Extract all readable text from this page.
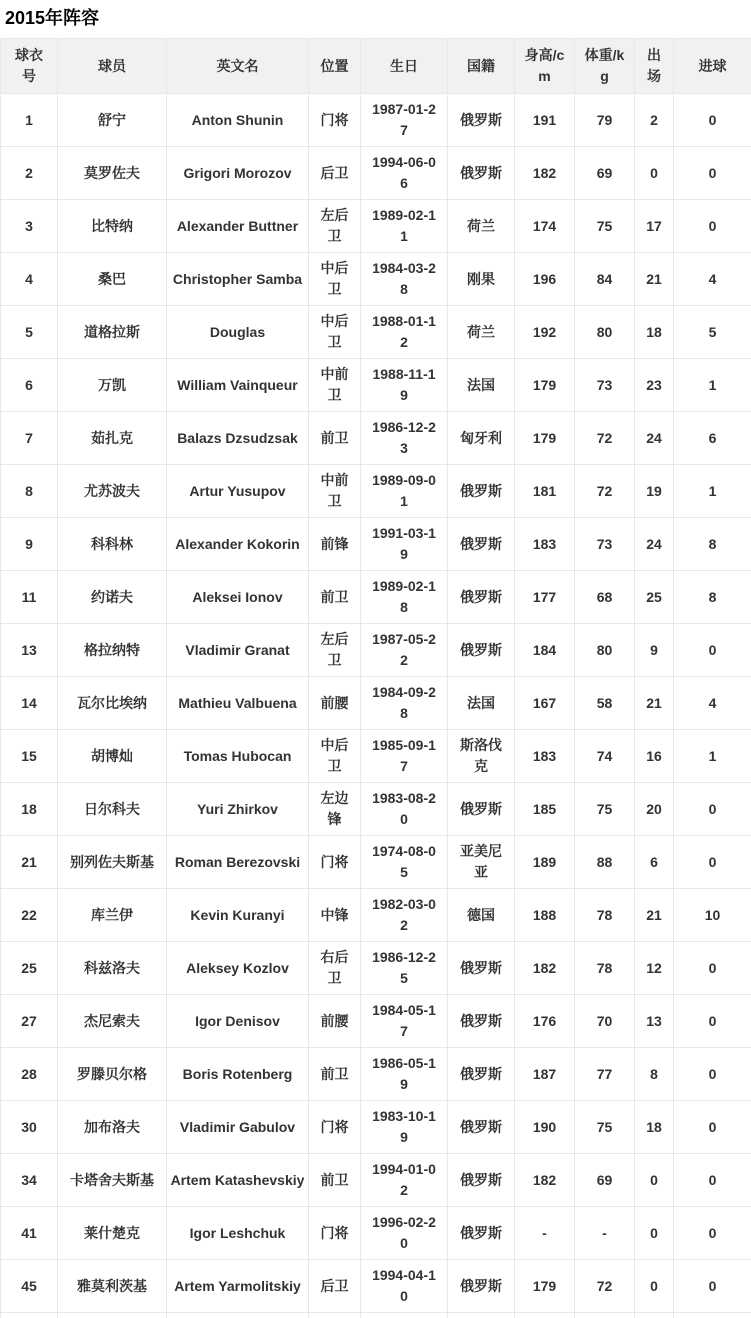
2015年阵容
球衣号	球员	英文名	位置	生日	国籍	身高/cm	体重/kg	出场	进球

1	舒宁	Anton Shunin	门将	1987-01-27	俄罗斯	191	79	2	0

2	莫罗佐夫	Grigori Morozov	后卫	1994-06-06	俄罗斯	182	69	0	0

3	比特纳	Alexander Buttner	左后卫	1989-02-11	荷兰	174	75	17	0

4	桑巴	Christopher Samba	中后卫	1984-03-28	刚果	196	84	21	4

5	道格拉斯	Douglas	中后卫	1988-01-12	荷兰	192	80	18	5

6	万凯	William Vainqueur	中前卫	1988-11-19	法国	179	73	23	1

7	茹扎克	Balazs Dzsudzsak	前卫	1986-12-23	匈牙利	179	72	24	6

8	尤苏波夫	Artur Yusupov	中前卫	1989-09-01	俄罗斯	181	72	19	1

9	科科林	Alexander Kokorin	前锋	1991-03-19	俄罗斯	183	73	24	8

11	约诺夫	Aleksei Ionov	前卫	1989-02-18	俄罗斯	177	68	25	8

13	格拉纳特	Vladimir Granat	左后卫	1987-05-22	俄罗斯	184	80	9	0

14	瓦尔比埃纳	Mathieu Valbuena	前腰	1984-09-28	法国	167	58	21	4

15	胡博灿	Tomas Hubocan	中后卫	1985-09-17	斯洛伐克	183	74	16	1

18	日尔科夫	Yuri Zhirkov	左边锋	1983-08-20	俄罗斯	185	75	20	0

21	别列佐夫斯基	Roman Berezovski	门将	1974-08-05	亚美尼亚	189	88	6	0

22	库兰伊	Kevin Kuranyi	中锋	1982-03-02	德国	188	78	21	10

25	科兹洛夫	Aleksey Kozlov	右后卫	1986-12-25	俄罗斯	182	78	12	0

27	杰尼索夫	Igor Denisov	前腰	1984-05-17	俄罗斯	176	70	13	0

28	罗滕贝尔格	Boris Rotenberg	前卫	1986-05-19	俄罗斯	187	77	8	0

30	加布洛夫	Vladimir Gabulov	门将	1983-10-19	俄罗斯	190	75	18	0

34	卡塔舍夫斯基	Artem Katashevskiy	前卫	1994-01-02	俄罗斯	182	69	0	0

41	莱什楚克	Igor Leshchuk	门将	1996-02-20	俄罗斯	-	-	0	0

45	雅莫利茨基	Artem Yarmolitskiy	后卫	1994-04-10	俄罗斯	179	72	0	0
